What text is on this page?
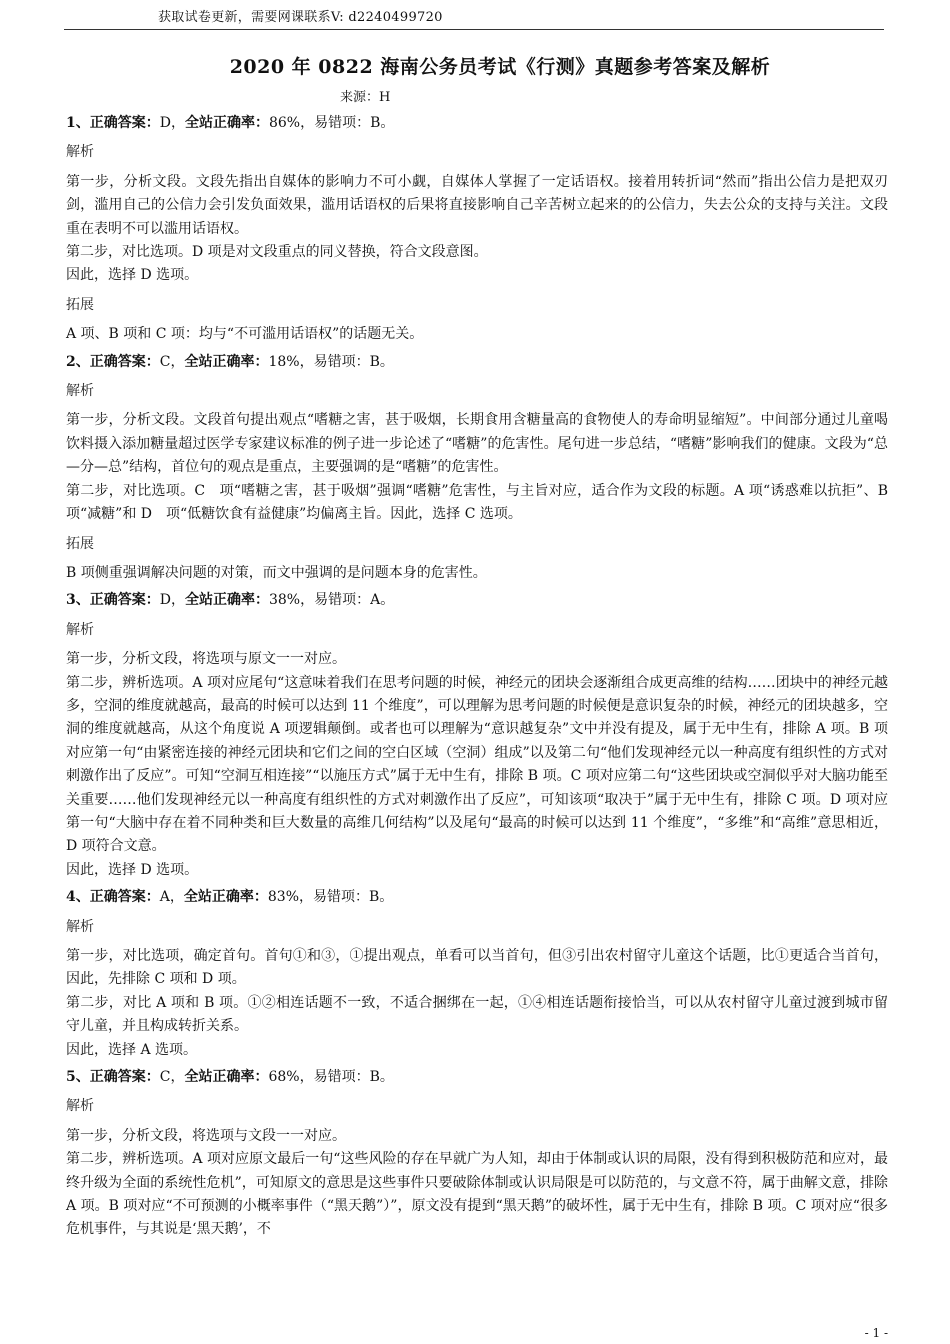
获取试卷更新，需要网课联系V: d2240499720
2020 年 0822 海南公务员考试《行测》真题参考答案及解析
来源：H

1、正确答案：D，全站正确率：86%，易错项：B。

解析

第一步，分析文段。文段先指出自媒体的影响力不可小觑，自媒体人掌握了一定话语权。接着用转折词“然而”指出公信力是把双刃剑，滥用自己的公信力会引发负面效果，滥用话语权的后果将直接影响自己辛苦树立起来的的公信力，失去公众的支持与关注。文段重在表明不可以滥用话语权。

第二步，对比选项。D 项是对文段重点的同义替换，符合文段意图。

因此，选择 D 选项。

拓展

A 项、B 项和 C 项：均与“不可滥用话语权”的话题无关。

2、正确答案：C，全站正确率：18%，易错项：B。

解析

第一步，分析文段。文段首句提出观点“嗜糖之害，甚于吸烟，长期食用含糖量高的食物使人的寿命明显缩短”。中间部分通过儿童喝饮料摄入添加糖量超过医学专家建议标准的例子进一步论述了“嗜糖”的危害性。尾句进一步总结，“嗜糖”影响我们的健康。文段为“总—分—总”结构，首位句的观点是重点，主要强调的是“嗜糖”的危害性。

第二步，对比选项。C　项“嗜糖之害，甚于吸烟”强调“嗜糖”危害性，与主旨对应，适合作为文段的标题。A 项“诱惑难以抗拒”、B 项“减糖”和 D　项“低糖饮食有益健康”均偏离主旨。因此，选择 C 选项。

拓展

B 项侧重强调解决问题的对策，而文中强调的是问题本身的危害性。

3、正确答案：D，全站正确率：38%，易错项：A。

解析

第一步，分析文段，将选项与原文一一对应。

第二步，辨析选项。A 项对应尾句“这意味着我们在思考问题的时候，神经元的团块会逐渐组合成更高维的结构……团块中的神经元越多，空洞的维度就越高，最高的时候可以达到 11 个维度”，可以理解为思考问题的时候便是意识复杂的时候，神经元的团块越多，空洞的维度就越高，从这个角度说 A 项逻辑颠倒。或者也可以理解为“意识越复杂”文中并没有提及，属于无中生有，排除 A 项。B 项对应第一句“由紧密连接的神经元团块和它们之间的空白区域（空洞）组成”以及第二句“他们发现神经元以一种高度有组织性的方式对刺激作出了反应”。可知“空洞互相连接”“以施压方式”属于无中生有，排除 B 项。C 项对应第二句“这些团块或空洞似乎对大脑功能至关重要……他们发现神经元以一种高度有组织性的方式对刺激作出了反应”，可知该项“取决于”属于无中生有，排除 C 项。D 项对应第一句“大脑中存在着不同种类和巨大数量的高维几何结构”以及尾句“最高的时候可以达到 11 个维度”，“多维”和“高维”意思相近，D 项符合文意。

因此，选择 D 选项。

4、正确答案：A，全站正确率：83%，易错项：B。

解析

第一步，对比选项，确定首句。首句①和③，①提出观点，单看可以当首句，但③引出农村留守儿童这个话题，比①更适合当首句，因此，先排除 C 项和 D 项。

第二步，对比 A 项和 B 项。①②相连话题不一致，不适合捆绑在一起，①④相连话题衔接恰当，可以从农村留守儿童过渡到城市留守儿童，并且构成转折关系。

因此，选择 A 选项。

5、正确答案：C，全站正确率：68%，易错项：B。

解析

第一步，分析文段，将选项与文段一一对应。

第二步，辨析选项。A 项对应原文最后一句“这些风险的存在早就广为人知，却由于体制或认识的局限，没有得到积极防范和应对，最终升级为全面的系统性危机”，可知原文的意思是这些事件只要破除体制或认识局限是可以防范的，与文意不符，属于曲解文意，排除 A 项。B 项对应“不可预测的小概率事件（“黑天鹅”）”，原文没有提到“黑天鹅”的破坏性，属于无中生有，排除 B 项。C 项对应“很多危机事件，与其说是‘黑天鹅’，不

- 1 -
